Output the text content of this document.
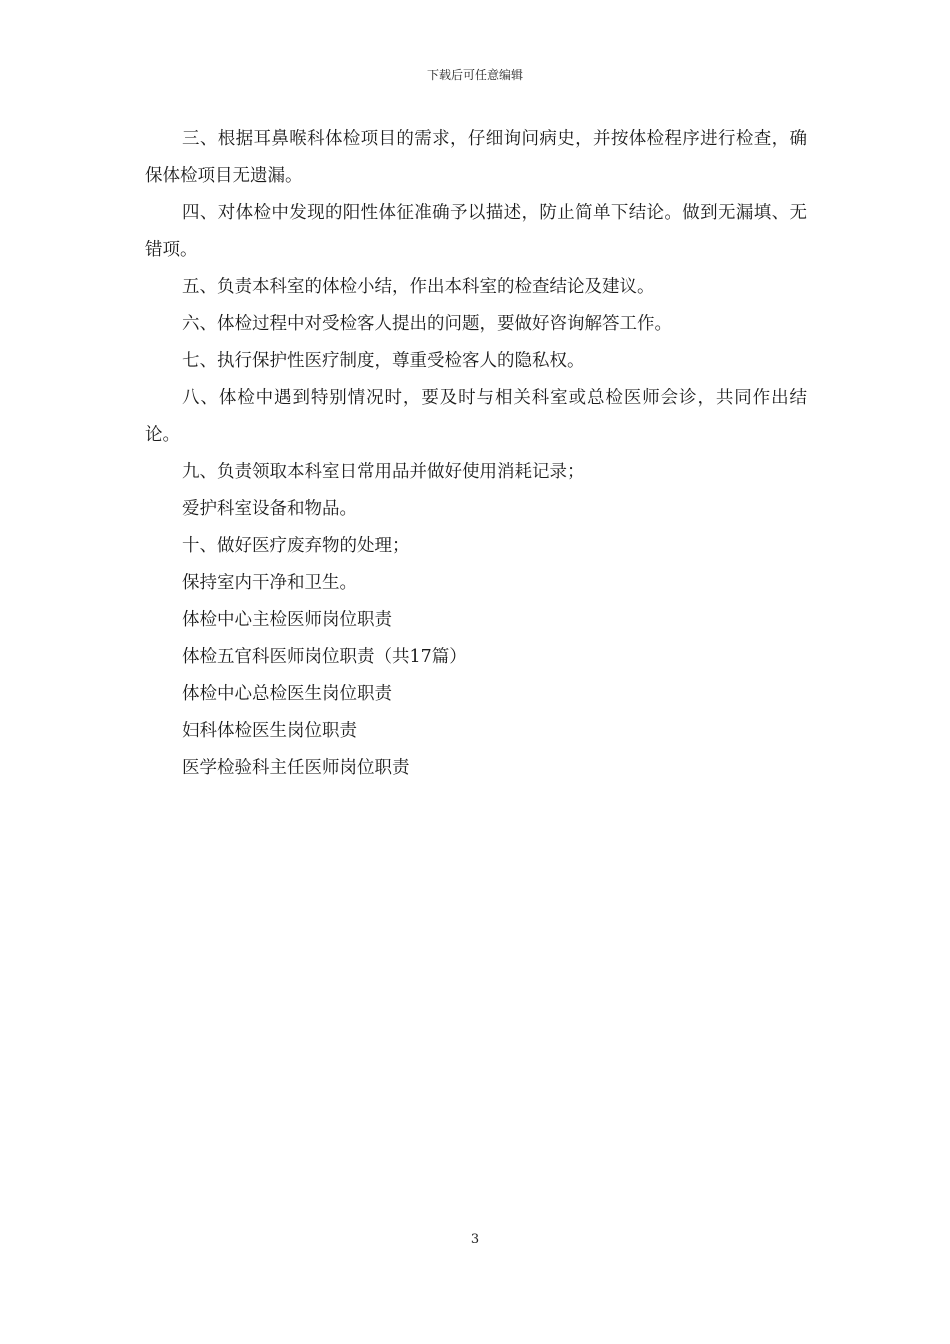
下载后可任意编辑

三、根据耳鼻喉科体检项目的需求，仔细询问病史，并按体检程序进行检查，确保体检项目无遗漏。

四、对体检中发现的阳性体征准确予以描述，防止简单下结论。做到无漏填、无错项。

五、负责本科室的体检小结，作出本科室的检查结论及建议。

六、体检过程中对受检客人提出的问题，要做好咨询解答工作。

七、执行保护性医疗制度，尊重受检客人的隐私权。

八、体检中遇到特别情况时，要及时与相关科室或总检医师会诊，共同作出结论。

九、负责领取本科室日常用品并做好使用消耗记录；

爱护科室设备和物品。

十、做好医疗废弃物的处理；

保持室内干净和卫生。

体检中心主检医师岗位职责

体检五官科医师岗位职责（共17篇）

体检中心总检医生岗位职责

妇科体检医生岗位职责

医学检验科主任医师岗位职责

3
